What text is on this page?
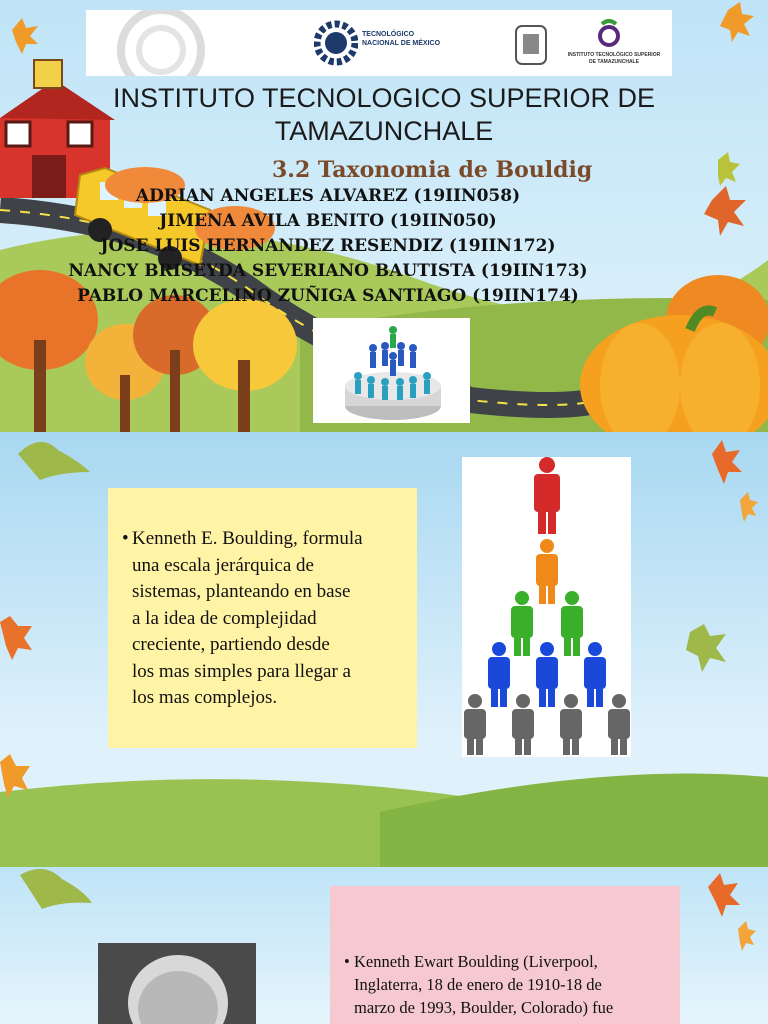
TECNOLÓGICO NACIONAL DE MÉXICO
INSTITUTO TECNOLÓGICO SUPERIOR DE TAMAZUNCHALE
INSTITUTO TECNOLOGICO SUPERIOR DE
TAMAZUNCHALE
3.2 Taxonomia de Bouldig
ADRIAN ANGELES ALVAREZ (19IIN058)
JIMENA AVILA BENITO (19IIN050)
JOSE LUIS HERNANDEZ RESENDIZ (19IIN172)
NANCY BRISEYDA SEVERIANO BAUTISTA (19IIN173)
PABLO MARCELINO ZUÑIGA SANTIAGO (19IIN174)
• Kenneth E. Boulding, formula
una escala jerárquica de
sistemas, planteando en base
a la idea de complejidad
creciente, partiendo desde
los mas simples para llegar a
los mas complejos.
• Kenneth Ewart Boulding (Liverpool,
Inglaterra, 18 de enero de 1910-18 de
marzo de 1993, Boulder, Colorado) fue
